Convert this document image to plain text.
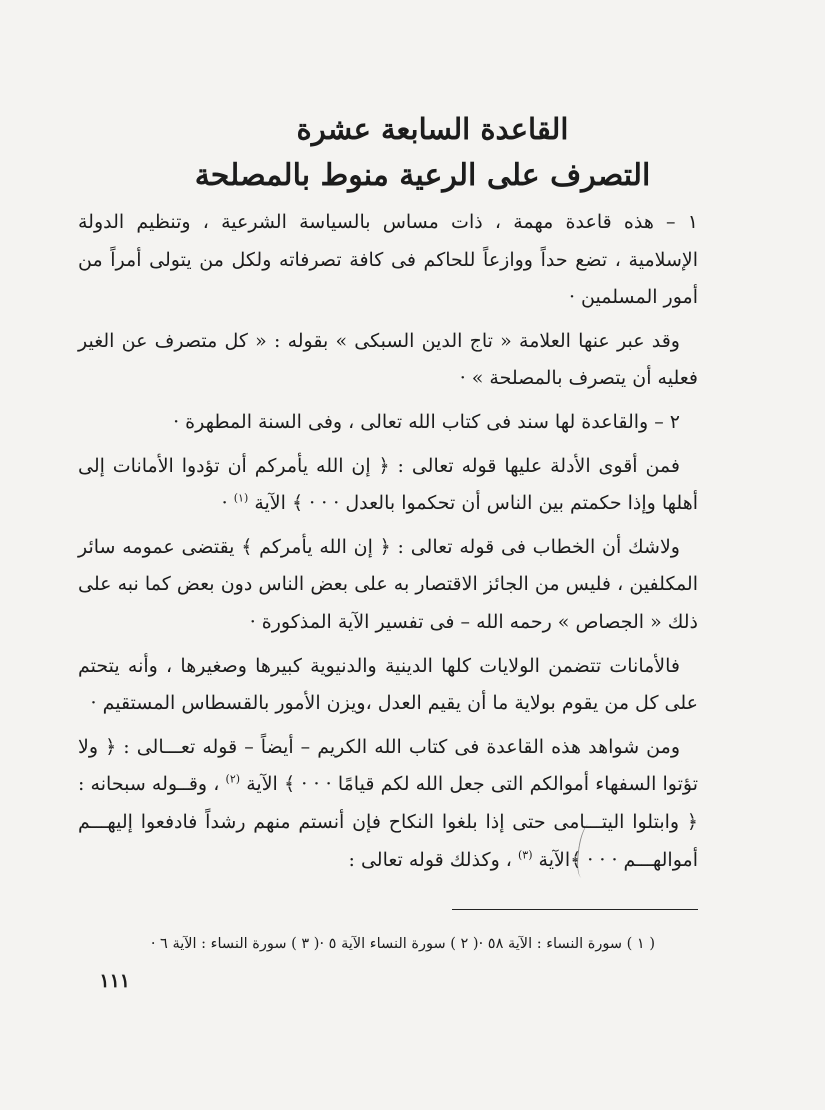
القاعدة السابعة عشرة
التصرف على الرعية منوط بالمصلحة

١ – هذه قاعدة مهمة ، ذات مساس بالسياسة الشرعية ، وتنظيم الدولة الإسلامية ، تضع حداً ووازعاً للحاكم فى كافة تصرفاته ولكل من يتولى أمراً من أمور المسلمين ·

وقد عبر عنها العلامة « تاج الدين السبكى » بقوله : « كل متصرف عن الغير فعليه أن يتصرف بالمصلحة » ·

٢ – والقاعدة لها سند فى كتاب الله تعالى ، وفى السنة المطهرة ·

فمن أقوى الأدلة عليها قوله تعالى : ﴿ إن الله يأمركم أن تؤدوا الأمانات إلى أهلها وإذا حكمتم بين الناس أن تحكموا بالعدل · · · ﴾ الآية $^{(١)}$ ·

ولاشك أن الخطاب فى قوله تعالى : ﴿ إن الله يأمركم ﴾ يقتضى عمومه سائر المكلفين ، فليس من الجائز الاقتصار به على بعض الناس دون بعض كما نبه على ذلك « الجصاص » رحمه الله – فى تفسير الآية المذكورة ·

فالأمانات تتضمن الولايات كلها الدينية والدنيوية كبيرها وصغيرها ، وأنه يتحتم على كل من يقوم بولاية ما أن يقيم العدل ،ويزن الأمور بالقسطاس المستقيم ·

ومن شواهد هذه القاعدة فى كتاب الله الكريم – أيضاً – قوله تعـــالى : ﴿ ولا تؤتوا السفهاء أموالكم التى جعل الله لكم قيامًا · · · ﴾ الآية $^{(٢)}$ ، وقــوله سبحانه : ﴿ وابتلوا اليتـــامى حتى إذا بلغوا النكاح فإن أنستم منهم رشداً فادفعوا إليهـــم أموالهـــم · · · ﴾الآية $^{(٣)}$ ، وكذلك قوله تعالى :

( ١ ) سورة النساء : الآية ٥٨ ·( ٢ ) سورة النساء الآية ٥ ·( ٣ ) سورة النساء : الآية ٦ ·
١١١
